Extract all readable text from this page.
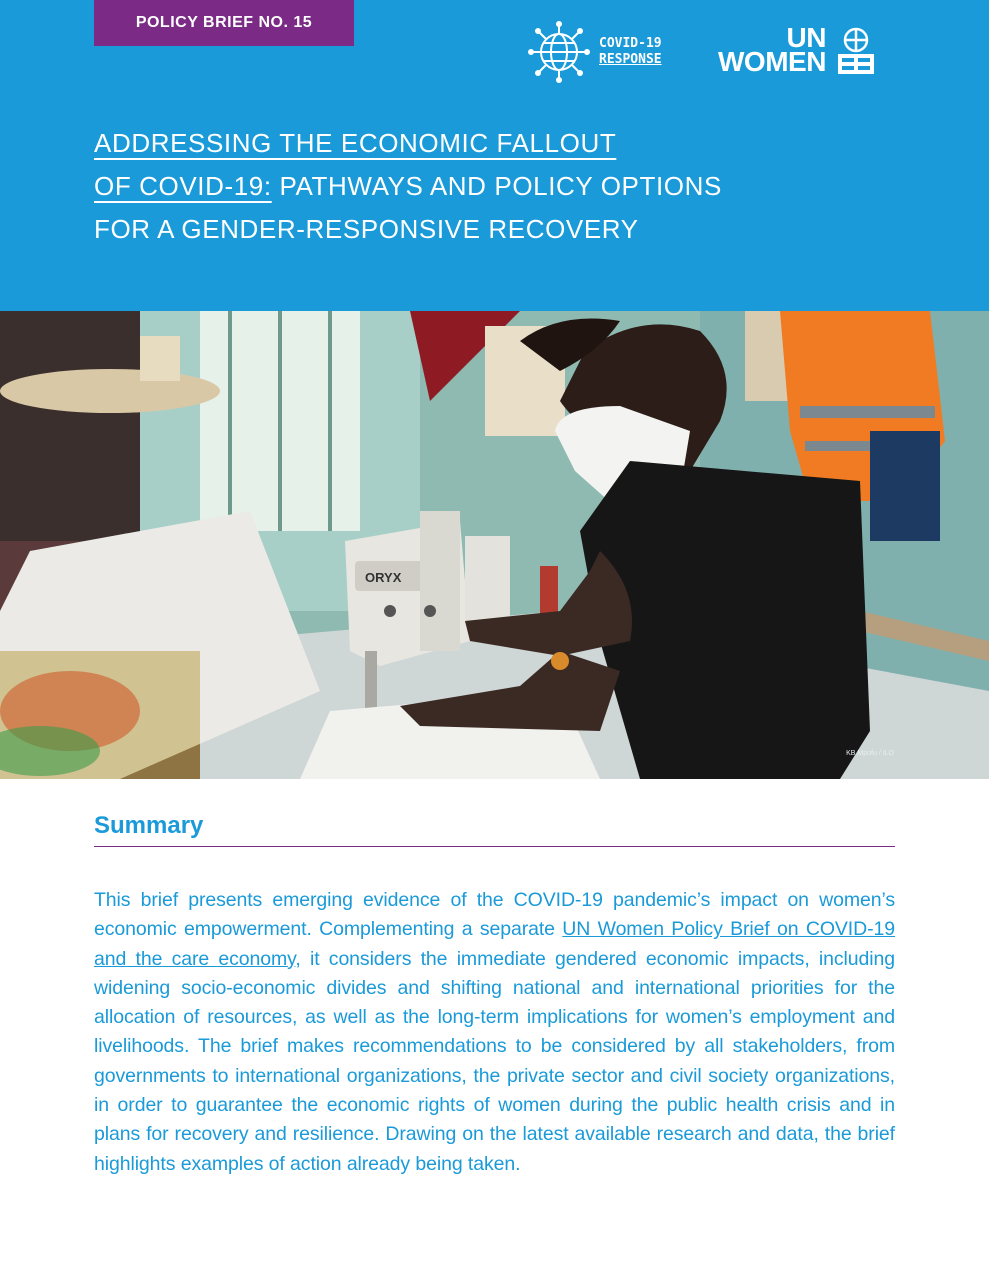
POLICY BRIEF NO. 15
COVID-19
RESPONSE
UN
WOMEN
ADDRESSING THE ECONOMIC FALLOUT
OF COVID-19: PATHWAYS AND POLICY OPTIONS
FOR A GENDER-RESPONSIVE RECOVERY
ORYX
KB Mpofu / ILO
Summary

This brief presents emerging evidence of the COVID-19 pandemic’s impact on women’s economic empowerment. Complementing a separate UN Women Policy Brief on COVID-19 and the care economy, it considers the immediate gendered economic impacts, including widening socio-economic divides and shifting national and international priorities for the allocation of resources, as well as the long-term implications for women’s employment and livelihoods. The brief makes recommendations to be considered by all stakeholders, from governments to international organizations, the private sector and civil society organizations, in order to guarantee the economic rights of women during the public health crisis and in plans for recovery and resilience. Drawing on the latest available research and data, the brief highlights examples of action already being taken.
